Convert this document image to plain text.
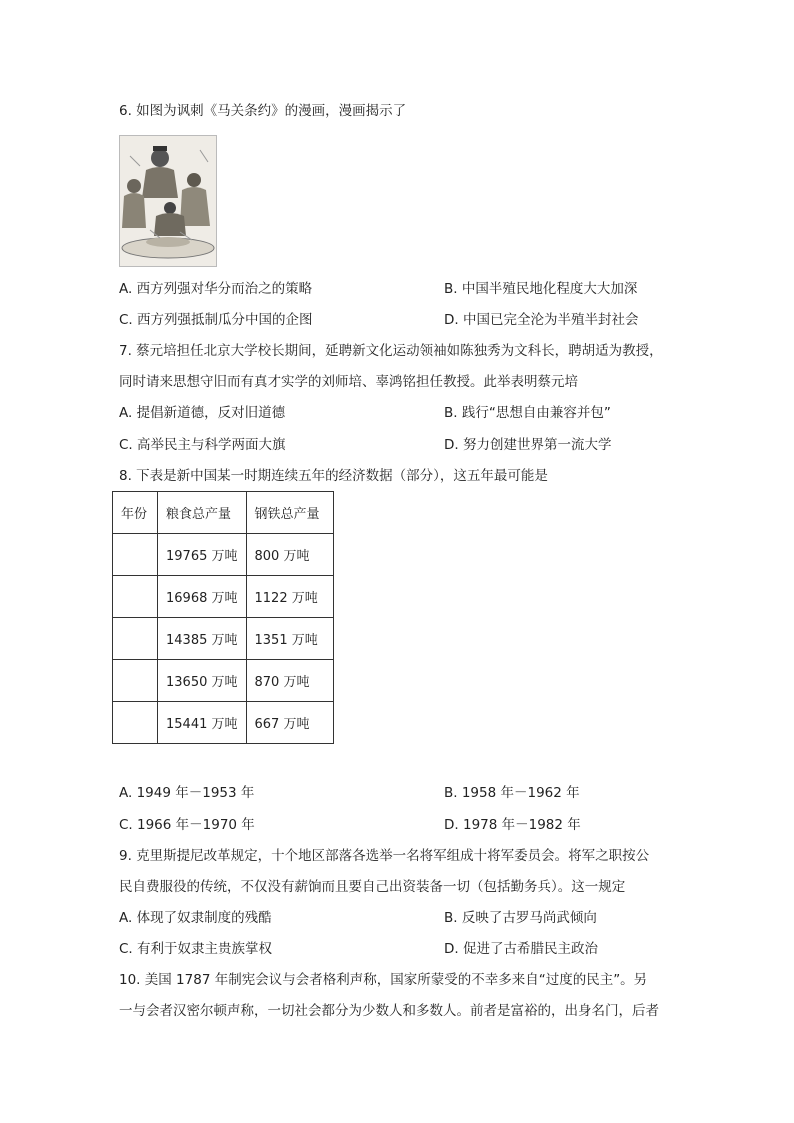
6. 如图为讽刺《马关条约》的漫画，漫画揭示了
A. 西方列强对华分而治之的策略	B. 中国半殖民地化程度大大加深
C. 西方列强抵制瓜分中国的企图	D. 中国已完全沦为半殖半封社会
7. 蔡元培担任北京大学校长期间，延聘新文化运动领袖如陈独秀为文科长，聘胡适为教授，
同时请来思想守旧而有真才实学的刘师培、辜鸿铭担任教授。此举表明蔡元培
A. 提倡新道德，反对旧道德	B. 践行“思想自由兼容并包”
C. 高举民主与科学两面大旗	D. 努力创建世界第一流大学
8. 下表是新中国某一时期连续五年的经济数据（部分），这五年最可能是
年份	粮食总产量	钢铁总产量
	19765 万吨	800 万吨
	16968 万吨	1122 万吨
	14385 万吨	1351 万吨
	13650 万吨	870 万吨
	15441 万吨	667 万吨
A. 1949 年－1953 年	B. 1958 年－1962 年
C. 1966 年－1970 年	D. 1978 年－1982 年
9. 克里斯提尼改革规定，十个地区部落各选举一名将军组成十将军委员会。将军之职按公
民自费服役的传统，不仅没有薪饷而且要自己出资装备一切（包括勤务兵）。这一规定
A. 体现了奴隶制度的残酷	B. 反映了古罗马尚武倾向
C. 有利于奴隶主贵族掌权	D. 促进了古希腊民主政治
10. 美国 1787 年制宪会议与会者格利声称，国家所蒙受的不幸多来自“过度的民主”。另
一与会者汉密尔顿声称，一切社会都分为少数人和多数人。前者是富裕的，出身名门，后者
